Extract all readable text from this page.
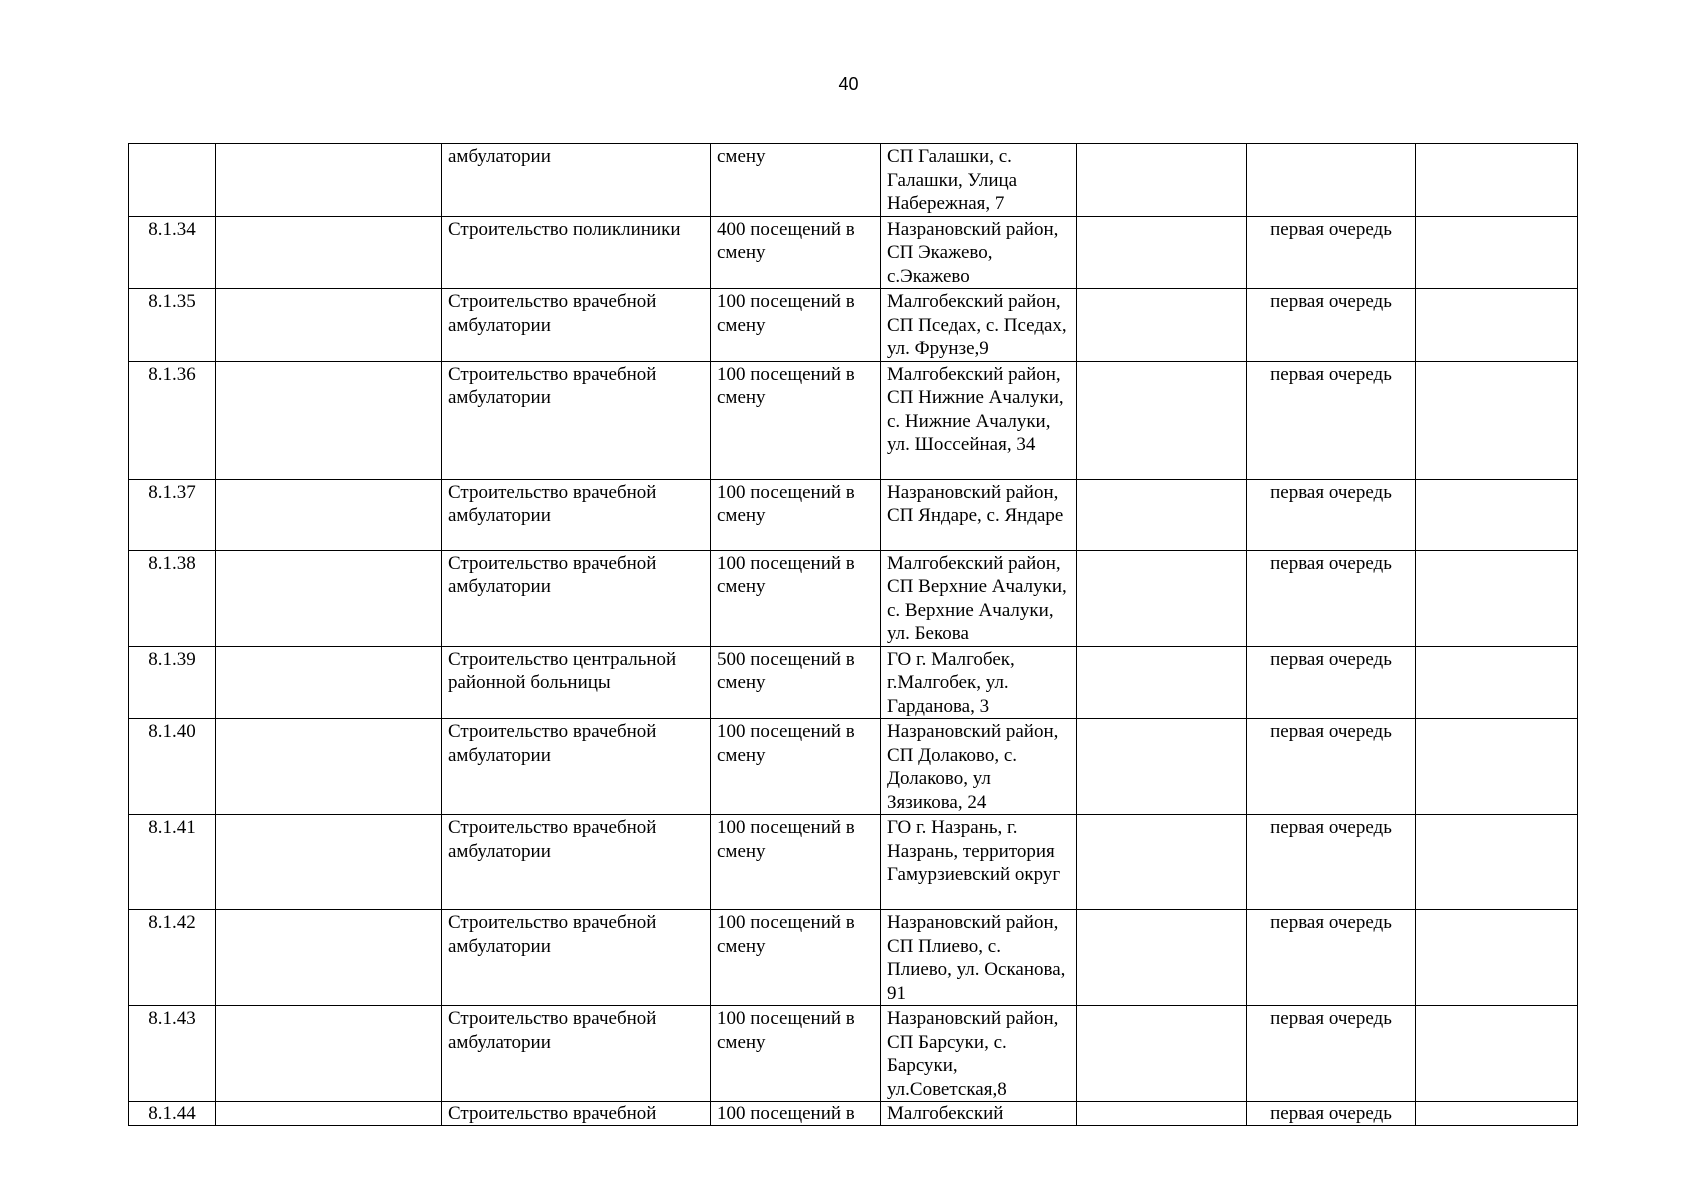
40
		амбулатории	смену	СП Галашки, с. Галашки, Улица Набережная, 7			
8.1.34		Строительство поликлиники	400 посещений в смену	Назрановский район, СП Экажево, с.Экажево		первая очередь	
8.1.35		Строительство врачебной амбулатории	100 посещений в смену	Малгобекский район, СП Пседах, с. Пседах, ул. Фрунзе,9		первая очередь	
8.1.36		Строительство врачебной амбулатории	100 посещений в смену	Малгобекский район, СП Нижние Ачалуки, с. Нижние Ачалуки, ул. Шоссейная, 34		первая очередь	
8.1.37		Строительство врачебной амбулатории	100 посещений в смену	Назрановский район, СП Яндаре, с. Яндаре		первая очередь	
8.1.38		Строительство врачебной амбулатории	100 посещений в смену	Малгобекский район, СП Верхние Ачалуки, с. Верхние Ачалуки, ул. Бекова		первая очередь	
8.1.39		Строительство центральной районной больницы	500 посещений в смену	ГО г. Малгобек, г.Малгобек, ул. Гарданова, 3		первая очередь	
8.1.40		Строительство врачебной амбулатории	100 посещений в смену	Назрановский район, СП Долаково, с. Долаково, ул Зязикова, 24		первая очередь	
8.1.41		Строительство врачебной амбулатории	100 посещений в смену	ГО г. Назрань, г. Назрань, территория Гамурзиевский округ		первая очередь	
8.1.42		Строительство врачебной амбулатории	100 посещений в смену	Назрановский район, СП Плиево, с. Плиево, ул. Осканова, 91		первая очередь	
8.1.43		Строительство врачебной амбулатории	100 посещений в смену	Назрановский район, СП Барсуки, с. Барсуки, ул.Советская,8		первая очередь	
8.1.44		Строительство врачебной	100 посещений в	Малгобекский		первая очередь	
